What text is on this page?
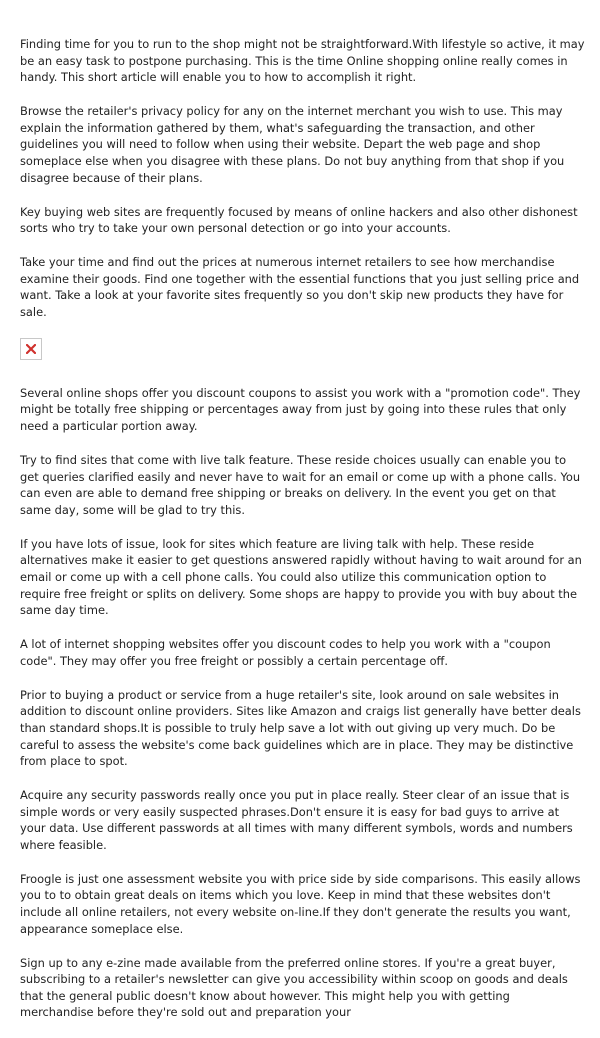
Finding time for you to run to the shop might not be straightforward.With lifestyle so active, it may be an easy task to postpone purchasing. This is the time Online shopping online really comes in handy. This short article will enable you to how to accomplish it right.

Browse the retailer's privacy policy for any on the internet merchant you wish to use. This may explain the information gathered by them, what's safeguarding the transaction, and other guidelines you will need to follow when using their website. Depart the web page and shop someplace else when you disagree with these plans. Do not buy anything from that shop if you disagree because of their plans.

Key buying web sites are frequently focused by means of online hackers and also other dishonest sorts who try to take your own personal detection or go into your accounts.

Take your time and find out the prices at numerous internet retailers to see how merchandise examine their goods. Find one together with the essential functions that you just selling price and want. Take a look at your favorite sites frequently so you don't skip new products they have for sale.

Several online shops offer you discount coupons to assist you work with a "promotion code". They might be totally free shipping or percentages away from just by going into these rules that only need a particular portion away.

Try to find sites that come with live talk feature. These reside choices usually can enable you to get queries clarified easily and never have to wait for an email or come up with a phone calls. You can even are able to demand free shipping or breaks on delivery. In the event you get on that same day, some will be glad to try this.

If you have lots of issue, look for sites which feature are living talk with help. These reside alternatives make it easier to get questions answered rapidly without having to wait around for an email or come up with a cell phone calls. You could also utilize this communication option to require free freight or splits on delivery. Some shops are happy to provide you with buy about the same day time.

A lot of internet shopping websites offer you discount codes to help you work with a "coupon code". They may offer you free freight or possibly a certain percentage off.

Prior to buying a product or service from a huge retailer's site, look around on sale websites in addition to discount online providers. Sites like Amazon and craigs list generally have better deals than standard shops.It is possible to truly help save a lot with out giving up very much. Do be careful to assess the website's come back guidelines which are in place. They may be distinctive from place to spot.

Acquire any security passwords really once you put in place really. Steer clear of an issue that is simple words or very easily suspected phrases.Don't ensure it is easy for bad guys to arrive at your data. Use different passwords at all times with many different symbols, words and numbers where feasible.

Froogle is just one assessment website you with price side by side comparisons. This easily allows you to to obtain great deals on items which you love. Keep in mind that these websites don't include all online retailers, not every website on-line.If they don't generate the results you want, appearance someplace else.

Sign up to any e-zine made available from the preferred online stores. If you're a great buyer, subscribing to a retailer's newsletter can give you accessibility within scoop on goods and deals that the general public doesn't know about however. This might help you with getting merchandise before they're sold out and preparation your
